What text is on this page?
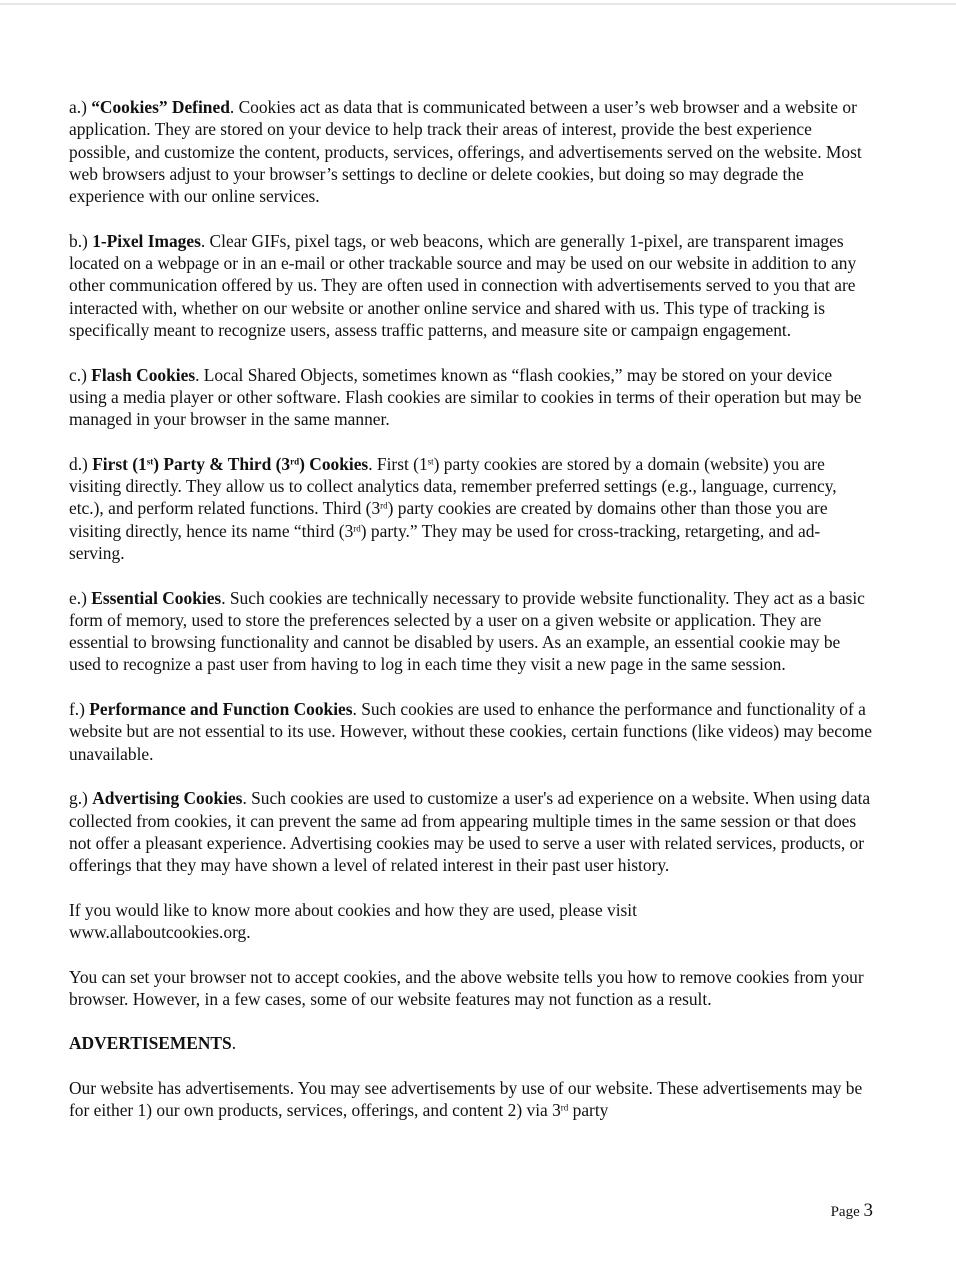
a.) “Cookies” Defined. Cookies act as data that is communicated between a user’s web browser and a website or application. They are stored on your device to help track their areas of interest, provide the best experience possible, and customize the content, products, services, offerings, and advertisements served on the website. Most web browsers adjust to your browser’s settings to decline or delete cookies, but doing so may degrade the experience with our online services.

b.) 1-Pixel Images. Clear GIFs, pixel tags, or web beacons, which are generally 1-pixel, are transparent images located on a webpage or in an e-mail or other trackable source and may be used on our website in addition to any other communication offered by us. They are often used in connection with advertisements served to you that are interacted with, whether on our website or another online service and shared with us. This type of tracking is specifically meant to recognize users, assess traffic patterns, and measure site or campaign engagement.

c.) Flash Cookies. Local Shared Objects, sometimes known as “flash cookies,” may be stored on your device using a media player or other software. Flash cookies are similar to cookies in terms of their operation but may be managed in your browser in the same manner.

d.) First (1st) Party & Third (3rd) Cookies. First (1st) party cookies are stored by a domain (website) you are visiting directly. They allow us to collect analytics data, remember preferred settings (e.g., language, currency, etc.), and perform related functions. Third (3rd) party cookies are created by domains other than those you are visiting directly, hence its name “third (3rd) party.” They may be used for cross-tracking, retargeting, and ad-serving.

e.) Essential Cookies. Such cookies are technically necessary to provide website functionality. They act as a basic form of memory, used to store the preferences selected by a user on a given website or application. They are essential to browsing functionality and cannot be disabled by users. As an example, an essential cookie may be used to recognize a past user from having to log in each time they visit a new page in the same session.

f.) Performance and Function Cookies. Such cookies are used to enhance the performance and functionality of a website but are not essential to its use. However, without these cookies, certain functions (like videos) may become unavailable.

g.) Advertising Cookies. Such cookies are used to customize a user's ad experience on a website. When using data collected from cookies, it can prevent the same ad from appearing multiple times in the same session or that does not offer a pleasant experience. Advertising cookies may be used to serve a user with related services, products, or offerings that they may have shown a level of related interest in their past user history.

If you would like to know more about cookies and how they are used, please visit
www.allaboutcookies.org.

You can set your browser not to accept cookies, and the above website tells you how to remove cookies from your browser. However, in a few cases, some of our website features may not function as a result.

ADVERTISEMENTS.

Our website has advertisements. You may see advertisements by use of our website. These advertisements may be for either 1) our own products, services, offerings, and content 2) via 3rd party

Page 3
